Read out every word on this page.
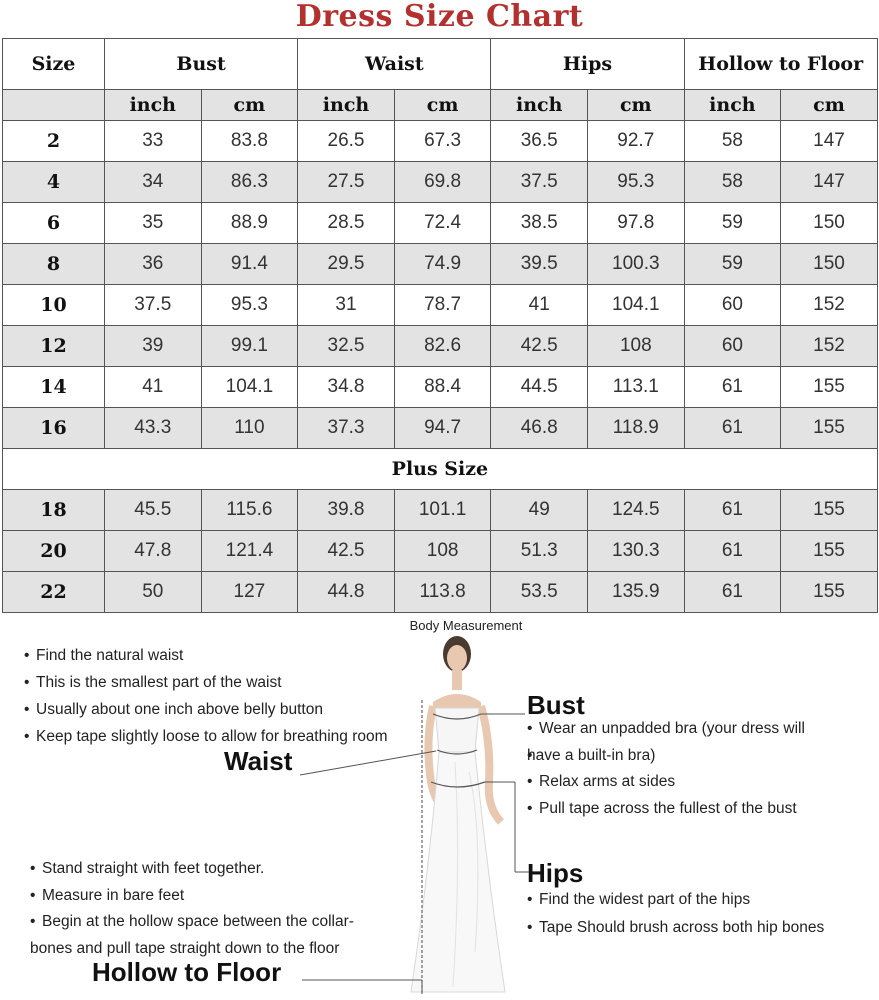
Dress Size Chart
Size	Bust		Waist		Hips		Hollow to Floor	
	inch	cm	inch	cm	inch	cm	inch	cm
2	33	83.8	26.5	67.3	36.5	92.7	58	147
4	34	86.3	27.5	69.8	37.5	95.3	58	147
6	35	88.9	28.5	72.4	38.5	97.8	59	150
8	36	91.4	29.5	74.9	39.5	100.3	59	150
10	37.5	95.3	31	78.7	41	104.1	60	152
12	39	99.1	32.5	82.6	42.5	108	60	152
14	41	104.1	34.8	88.4	44.5	113.1	61	155
16	43.3	110	37.3	94.7	46.8	118.9	61	155
Plus Size								
18	45.5	115.6	39.8	101.1	49	124.5	61	155
20	47.8	121.4	42.5	108	51.3	130.3	61	155
22	50	127	44.8	113.8	53.5	135.9	61	155
Body Measurement
• Find the natural waist
• This is the smallest part of the waist
• Usually about one inch above belly button
• Keep tape slightly loose to allow for breathing room
Waist
Bust
• Wear an unpadded bra (your dress will
• have a built-in bra)
• Relax arms at sides
• Pull tape across the fullest of the bust
Hips
• Find the widest part of the hips
• Tape Should brush across both hip bones
• Stand straight with feet together.
• Measure in bare feet
• Begin at the hollow space between the collar-
bones and pull tape straight down to the floor
Hollow to Floor
